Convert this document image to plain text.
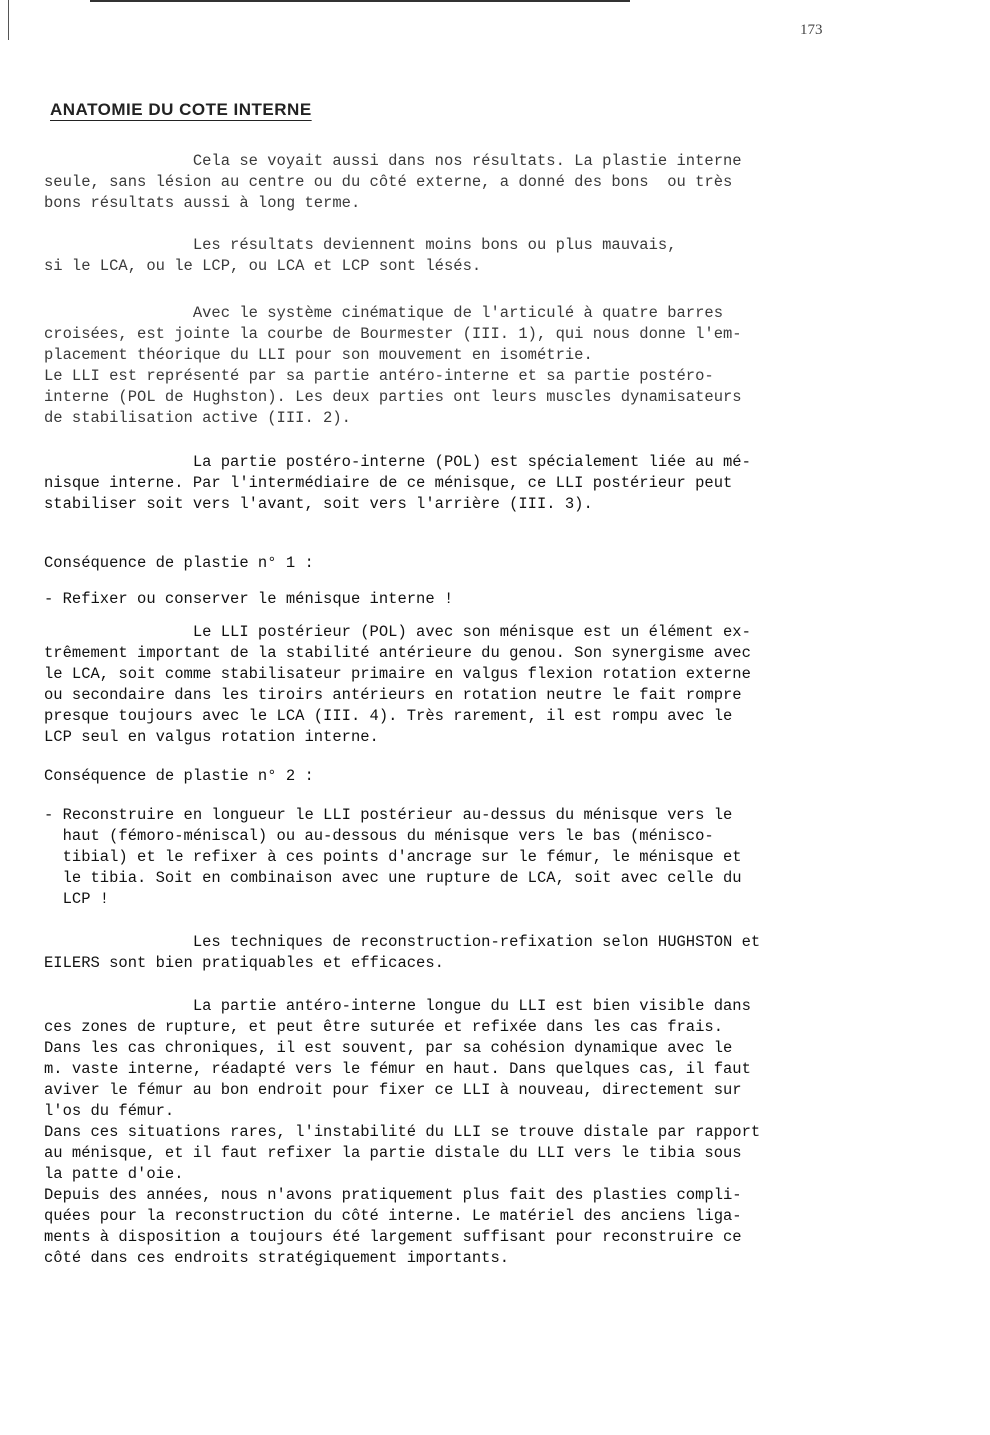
173

ANATOMIE DU COTE INTERNE

Cela se voyait aussi dans nos résultats. La plastie interne
seule, sans lésion au centre ou du côté externe, a donné des bons  ou très
bons résultats aussi à long terme.

Les résultats deviennent moins bons ou plus mauvais,
si le LCA, ou le LCP, ou LCA et LCP sont lésés.

Avec le système cinématique de l'articulé à quatre barres
croisées, est jointe la courbe de Bourmester (III. 1), qui nous donne l'em-
placement théorique du LLI pour son mouvement en isométrie.
Le LLI est représenté par sa partie antéro-interne et sa partie postéro-
interne (POL de Hughston). Les deux parties ont leurs muscles dynamisateurs
de stabilisation active (III. 2).

La partie postéro-interne (POL) est spécialement liée au mé-
nisque interne. Par l'intermédiaire de ce ménisque, ce LLI postérieur peut
stabiliser soit vers l'avant, soit vers l'arrière (III. 3).

Conséquence de plastie n° 1 :

- Refixer ou conserver le ménisque interne !

Le LLI postérieur (POL) avec son ménisque est un élément ex-
trêmement important de la stabilité antérieure du genou. Son synergisme avec
le LCA, soit comme stabilisateur primaire en valgus flexion rotation externe
ou secondaire dans les tiroirs antérieurs en rotation neutre le fait rompre
presque toujours avec le LCA (III. 4). Très rarement, il est rompu avec le
LCP seul en valgus rotation interne.

Conséquence de plastie n° 2 :

- Reconstruire en longueur le LLI postérieur au-dessus du ménisque vers le
haut (fémoro-méniscal) ou au-dessous du ménisque vers le bas (ménisco-
tibial) et le refixer à ces points d'ancrage sur le fémur, le ménisque et
le tibia. Soit en combinaison avec une rupture de LCA, soit avec celle du
LCP !

Les techniques de reconstruction-refixation selon HUGHSTON et
EILERS sont bien pratiquables et efficaces.

La partie antéro-interne longue du LLI est bien visible dans
ces zones de rupture, et peut être suturée et refixée dans les cas frais.
Dans les cas chroniques, il est souvent, par sa cohésion dynamique avec le
m. vaste interne, réadapté vers le fémur en haut. Dans quelques cas, il faut
aviver le fémur au bon endroit pour fixer ce LLI à nouveau, directement sur
l'os du fémur.
Dans ces situations rares, l'instabilité du LLI se trouve distale par rapport
au ménisque, et il faut refixer la partie distale du LLI vers le tibia sous
la patte d'oie.
Depuis des années, nous n'avons pratiquement plus fait des plasties compli-
quées pour la reconstruction du côté interne. Le matériel des anciens liga-
ments à disposition a toujours été largement suffisant pour reconstruire ce
côté dans ces endroits stratégiquement importants.
